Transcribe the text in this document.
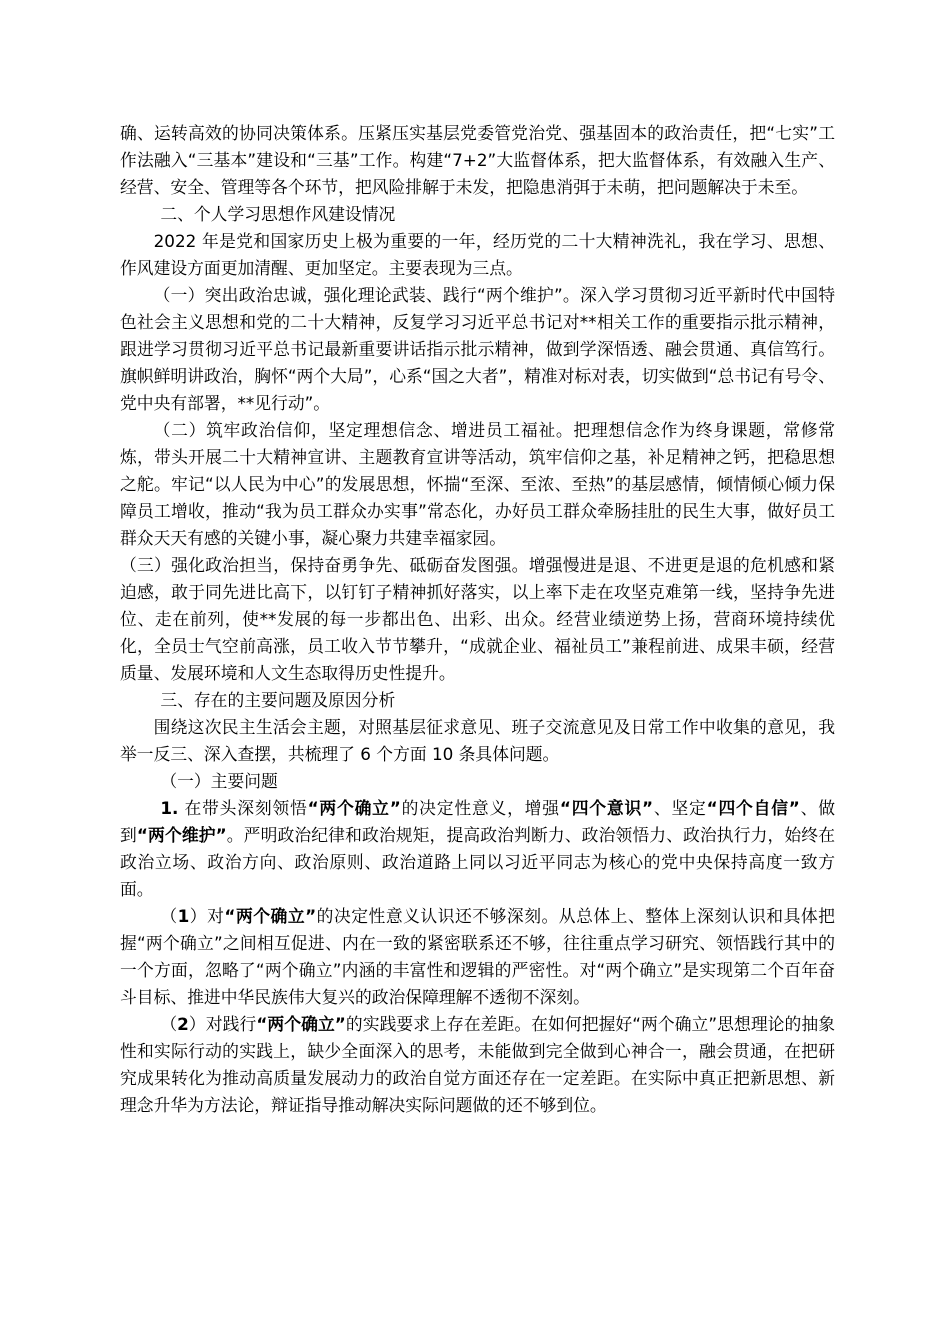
确、运转高效的协同决策体系。压紧压实基层党委管党治党、强基固本的政治责任，把“七实”工作法融入“三基本”建设和“三基”工作。构建“7+2”大监督体系，把大监督体系，有效融入生产、经营、安全、管理等各个环节，把风险排解于未发，把隐患消弭于未萌，把问题解决于未至。

二、个人学习思想作风建设情况

2022 年是党和国家历史上极为重要的一年，经历党的二十大精神洗礼，我在学习、思想、作风建设方面更加清醒、更加坚定。主要表现为三点。

（一）突出政治忠诚，强化理论武装、践行“两个维护”。深入学习贯彻习近平新时代中国特色社会主义思想和党的二十大精神，反复学习习近平总书记对**相关工作的重要指示批示精神，跟进学习贯彻习近平总书记最新重要讲话指示批示精神，做到学深悟透、融会贯通、真信笃行。旗帜鲜明讲政治，胸怀“两个大局”，心系“国之大者”，精准对标对表，切实做到“总书记有号令、党中央有部署，**见行动”。

（二）筑牢政治信仰，坚定理想信念、增进员工福祉。把理想信念作为终身课题，常修常炼，带头开展二十大精神宣讲、主题教育宣讲等活动，筑牢信仰之基，补足精神之钙，把稳思想之舵。牢记“以人民为中心”的发展思想，怀揣“至深、至浓、至热”的基层感情，倾情倾心倾力保障员工增收，推动“我为员工群众办实事”常态化，办好员工群众牵肠挂肚的民生大事，做好员工群众天天有感的关键小事，凝心聚力共建幸福家园。

（三）强化政治担当，保持奋勇争先、砥砺奋发图强。增强慢进是退、不进更是退的危机感和紧迫感，敢于同先进比高下，以钉钉子精神抓好落实，以上率下走在攻坚克难第一线，坚持争先进位、走在前列，使**发展的每一步都出色、出彩、出众。经营业绩逆势上扬，营商环境持续优化，全员士气空前高涨，员工收入节节攀升，“成就企业、福祉员工”兼程前进、成果丰硕，经营质量、发展环境和人文生态取得历史性提升。

三、存在的主要问题及原因分析

围绕这次民主生活会主题，对照基层征求意见、班子交流意见及日常工作中收集的意见，我举一反三、深入查摆，共梳理了 6 个方面 10 条具体问题。

（一）主要问题

1. 在带头深刻领悟“两个确立”的决定性意义，增强“四个意识”、坚定“四个自信”、做到“两个维护”。严明政治纪律和政治规矩，提高政治判断力、政治领悟力、政治执行力，始终在政治立场、政治方向、政治原则、政治道路上同以习近平同志为核心的党中央保持高度一致方面。

（1）对“两个确立”的决定性意义认识还不够深刻。从总体上、整体上深刻认识和具体把握“两个确立”之间相互促进、内在一致的紧密联系还不够，往往重点学习研究、领悟践行其中的一个方面，忽略了“两个确立”内涵的丰富性和逻辑的严密性。对“两个确立”是实现第二个百年奋斗目标、推进中华民族伟大复兴的政治保障理解不透彻不深刻。

（2）对践行“两个确立”的实践要求上存在差距。在如何把握好“两个确立”思想理论的抽象性和实际行动的实践上，缺少全面深入的思考，未能做到完全做到心神合一，融会贯通，在把研究成果转化为推动高质量发展动力的政治自觉方面还存在一定差距。在实际中真正把新思想、新理念升华为方法论，辩证指导推动解决实际问题做的还不够到位。
